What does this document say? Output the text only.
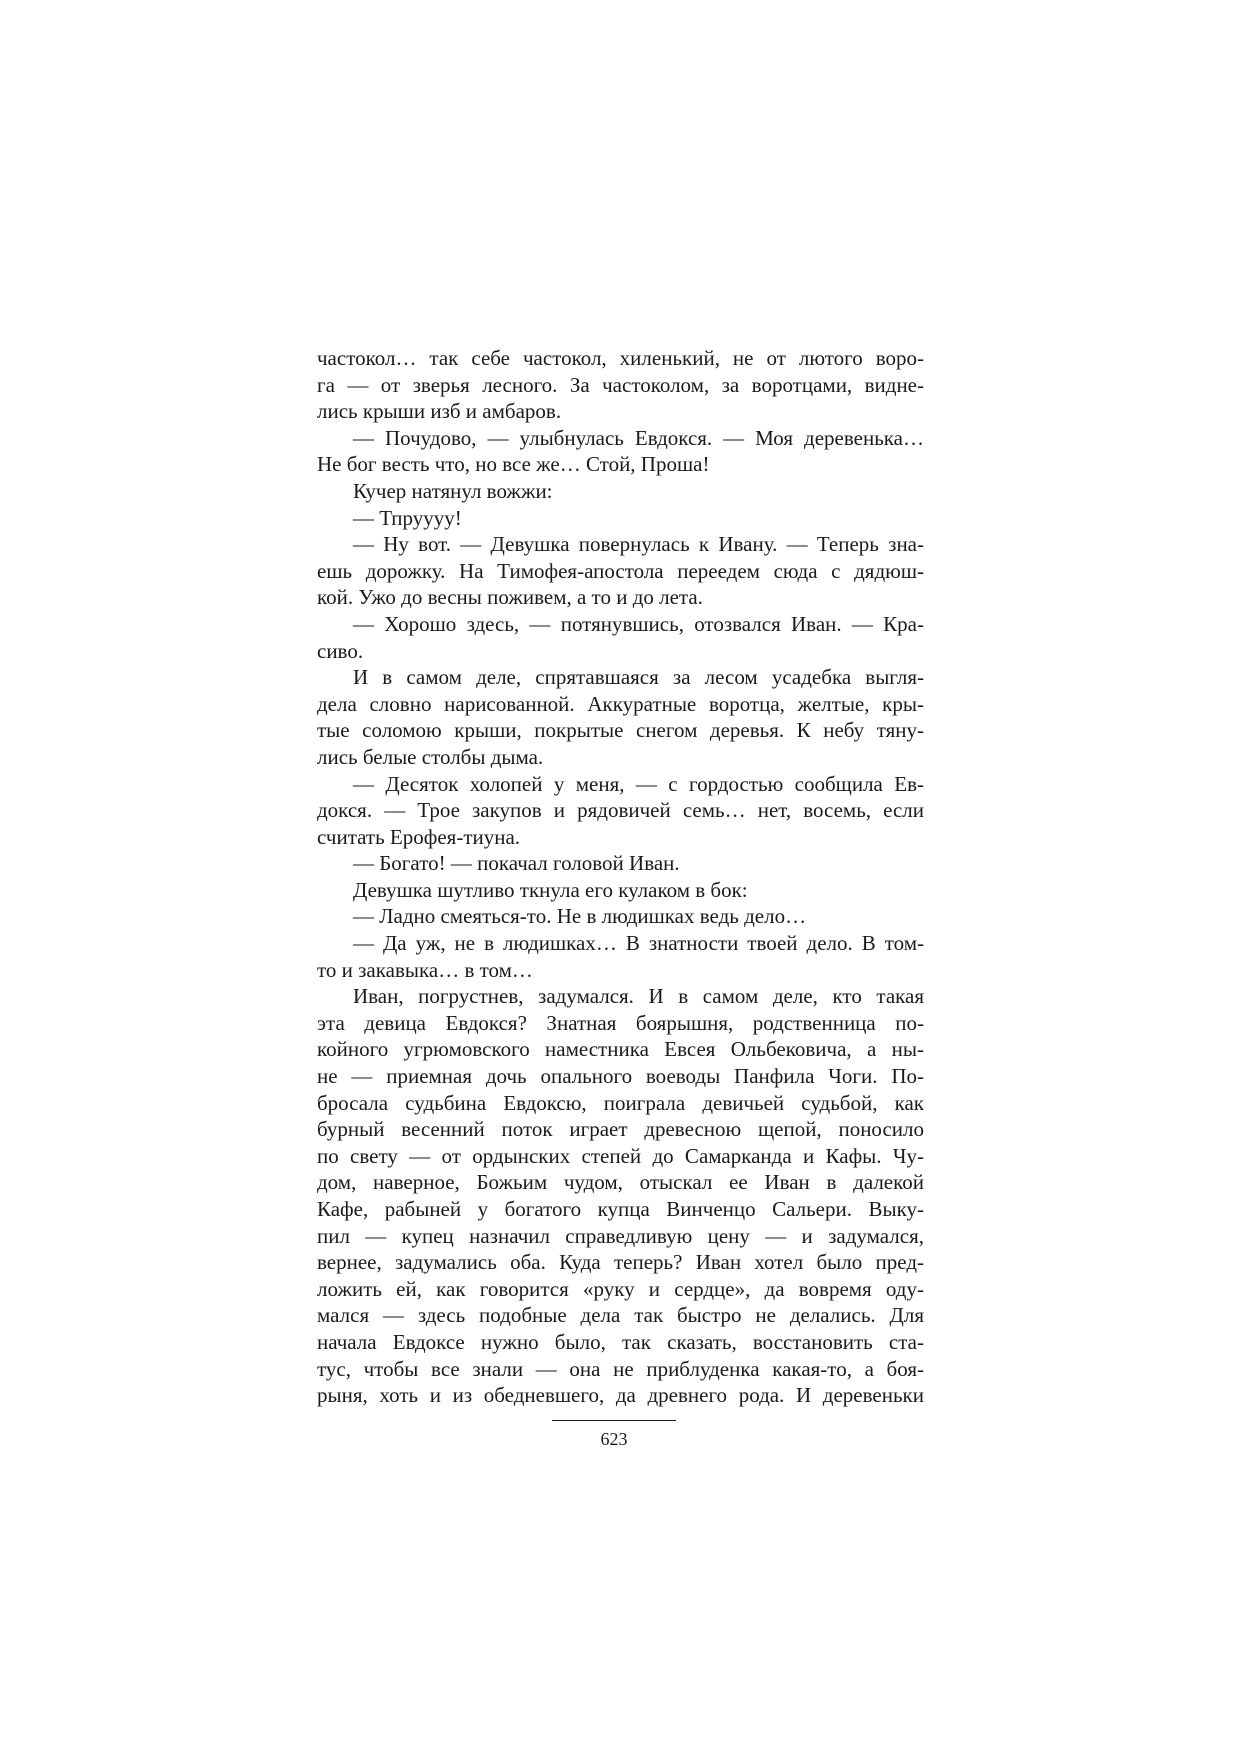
частокол… так себе частокол, хиленький, не от лютого воро-
га — от зверья лесного. За частоколом, за воротцами, видне-
лись крыши изб и амбаров.
— Почудово, — улыбнулась Евдокся. — Моя деревенька…
Не бог весть что, но все же… Стой, Проша!
Кучер натянул вожжи:
— Тпруууу!
— Ну вот. — Девушка повернулась к Ивану. — Теперь зна-
ешь дорожку. На Тимофея-апостола переедем сюда с дядюш-
кой. Ужо до весны поживем, а то и до лета.
— Хорошо здесь, — потянувшись, отозвался Иван. — Кра-
сиво.
И в самом деле, спрятавшаяся за лесом усадебка выгля-
дела словно нарисованной. Аккуратные воротца, желтые, кры-
тые соломою крыши, покрытые снегом деревья. К небу тяну-
лись белые столбы дыма.
— Десяток холопей у меня, — с гордостью сообщила Ев-
докся. — Трое закупов и рядовичей семь… нет, восемь, если
считать Ерофея-тиуна.
— Богато! — покачал головой Иван.
Девушка шутливо ткнула его кулаком в бок:
— Ладно смеяться-то. Не в людишках ведь дело…
— Да уж, не в людишках… В знатности твоей дело. В том-
то и закавыка… в том…
Иван, погрустнев, задумался. И в самом деле, кто такая
эта девица Евдокся? Знатная боярышня, родственница по-
койного угрюмовского наместника Евсея Ольбековича, а ны-
не — приемная дочь опального воеводы Панфила Чоги. По-
бросала судьбина Евдоксю, поиграла девичьей судьбой, как
бурный весенний поток играет древесною щепой, поносило
по свету — от ордынских степей до Самарканда и Кафы. Чу-
дом, наверное, Божьим чудом, отыскал ее Иван в далекой
Кафе, рабыней у богатого купца Винченцо Сальери. Выку-
пил — купец назначил справедливую цену — и задумался,
вернее, задумались оба. Куда теперь? Иван хотел было пред-
ложить ей, как говорится «руку и сердце», да вовремя оду-
мался — здесь подобные дела так быстро не делались. Для
начала Евдоксе нужно было, так сказать, восстановить ста-
тус, чтобы все знали — она не приблуденка какая-то, а боя-
рыня, хоть и из обедневшего, да древнего рода. И деревеньки
623
